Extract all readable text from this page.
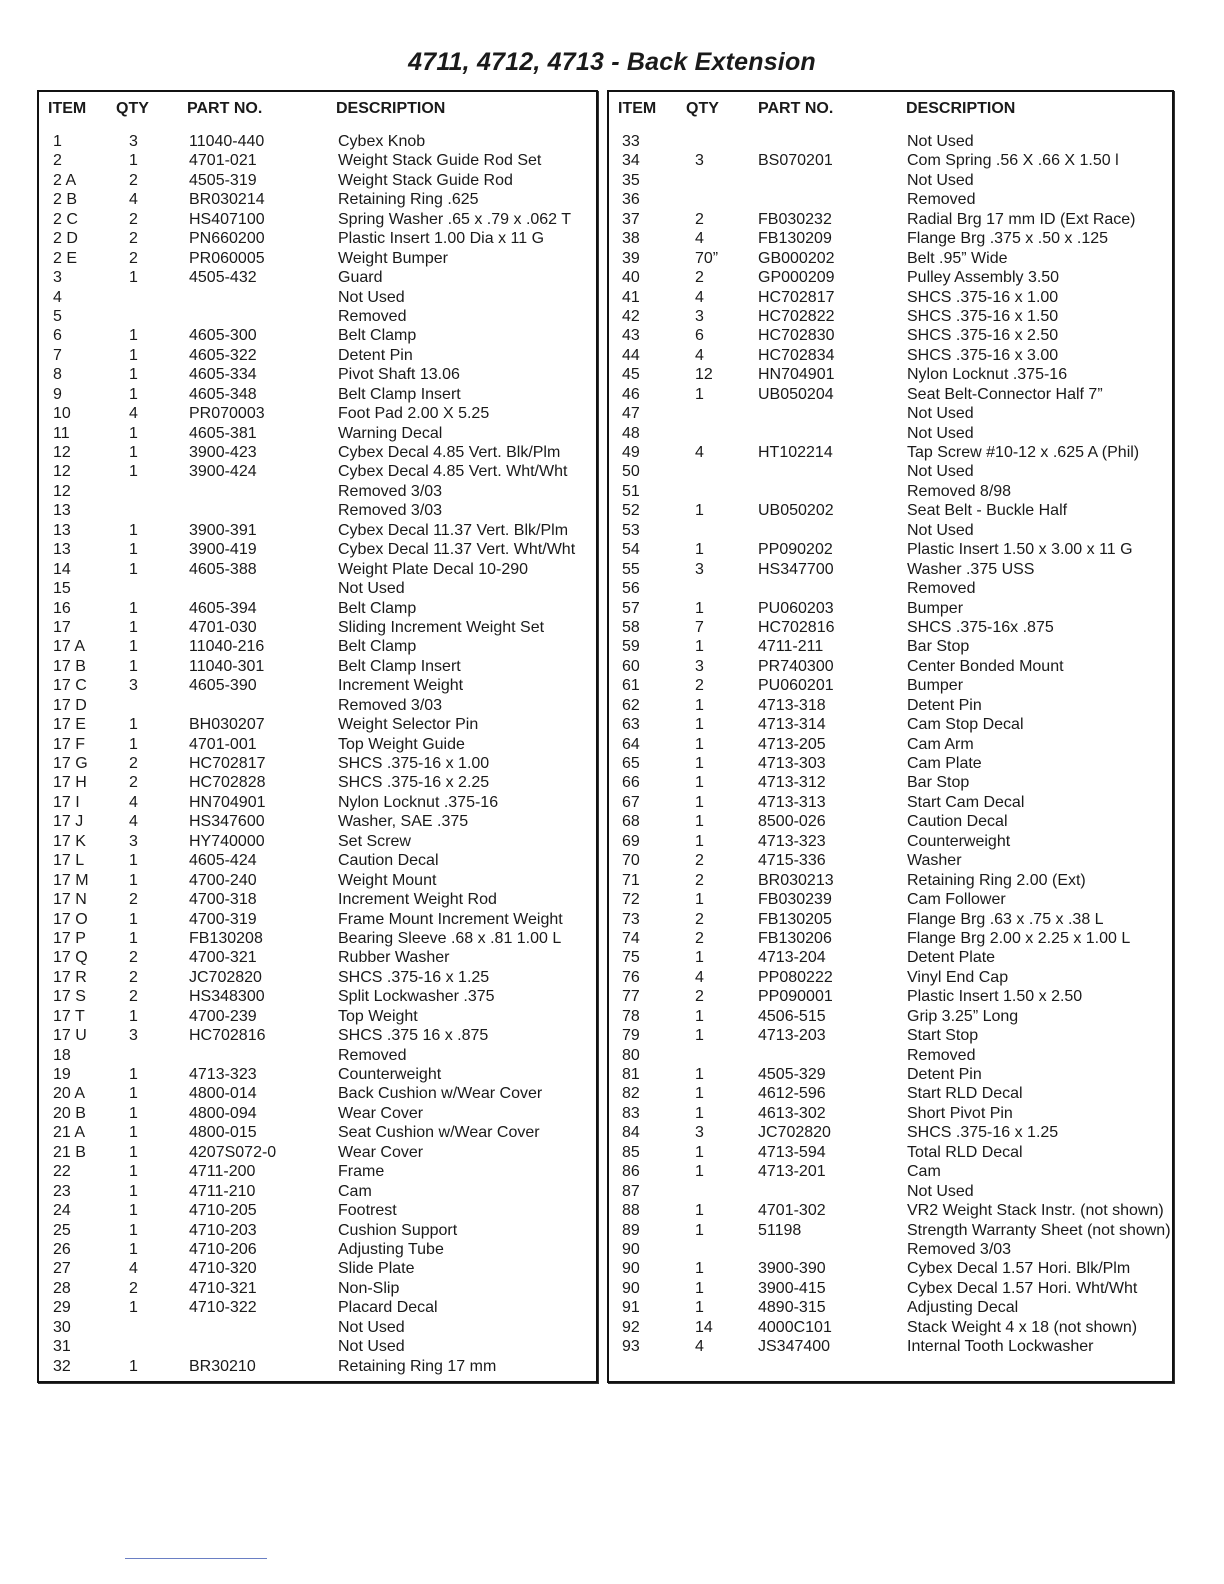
4711, 4712, 4713 - Back Extension
ITEM QTY PART NO.	DESCRIPTION
1	3	11040-440	Cybex Knob
2	1	4701-021	Weight Stack Guide Rod Set
2 A	2	4505-319	Weight Stack Guide Rod
2 B	4	BR030214	Retaining Ring .625
2 C	2	HS407100	Spring Washer .65 x .79 x .062 T
2 D	2	PN660200	Plastic Insert 1.00 Dia x 11 G
2 E	2	PR060005	Weight Bumper
3	1	4505-432	Guard
4	Not Used
5	Removed
6	1	4605-300	Belt Clamp
7	1	4605-322	Detent Pin
8	1	4605-334	Pivot Shaft 13.06
9	1	4605-348	Belt Clamp Insert
10	4	PR070003	Foot Pad 2.00 X 5.25
11	1	4605-381	Warning Decal
12	1	3900-423	Cybex Decal 4.85 Vert. Blk/Plm
12	1	3900-424	Cybex Decal 4.85 Vert. Wht/Wht
12	Removed 3/03
13	Removed 3/03
13	1	3900-391	Cybex Decal 11.37 Vert. Blk/Plm
13	1	3900-419	Cybex Decal 11.37 Vert. Wht/Wht
14	1	4605-388	Weight Plate Decal 10-290
15	Not Used
16	1	4605-394	Belt Clamp
17	1	4701-030	Sliding Increment Weight Set
17 A	1	11040-216	Belt Clamp
17 B	1	11040-301	Belt Clamp Insert
17 C	3	4605-390	Increment Weight
17 D	Removed 3/03
17 E	1	BH030207	Weight Selector Pin
17 F	1	4701-001	Top Weight Guide
17 G	2	HC702817	SHCS .375-16 x 1.00
17 H	2	HC702828	SHCS .375-16 x 2.25
17 I	4	HN704901	Nylon Locknut .375-16
17 J	4	HS347600	Washer, SAE .375
17 K	3	HY740000	Set Screw
17 L	1	4605-424	Caution Decal
17 M	1	4700-240	Weight Mount
17 N	2	4700-318	Increment Weight Rod
17 O	1	4700-319	Frame Mount Increment Weight
17 P	1	FB130208	Bearing Sleeve .68 x .81 1.00 L
17 Q	2	4700-321	Rubber Washer
17 R	2	JC702820	SHCS .375-16 x 1.25
17 S	2	HS348300	Split Lockwasher .375
17 T	1	4700-239	Top Weight
17 U	3	HC702816	SHCS .375 16 x .875
18	Removed
19	1	4713-323	Counterweight
20 A	1	4800-014	Back Cushion w/Wear Cover
20 B	1	4800-094	Wear Cover
21 A	1	4800-015	Seat Cushion w/Wear Cover
21 B	1	4207S072-0	Wear Cover
22	1	4711-200	Frame
23	1	4711-210	Cam
24	1	4710-205	Footrest
25	1	4710-203	Cushion Support
26	1	4710-206	Adjusting Tube
27	4	4710-320	Slide Plate
28	2	4710-321	Non-Slip
29	1	4710-322	Placard Decal
30	Not Used
31	Not Used
32	1	BR30210	Retaining Ring 17 mm
ITEM QTY PART NO.	DESCRIPTION
33	Not Used
34	3	BS070201	Com Spring .56 X .66 X 1.50 l
35	Not Used
36	Removed
37	2	FB030232	Radial Brg 17 mm ID (Ext Race)
38	4	FB130209	Flange Brg .375 x .50 x .125
39	70” GB000202	Belt .95” Wide
40	2	GP000209	Pulley Assembly 3.50
41	4	HC702817	SHCS .375-16 x 1.00
42	3	HC702822	SHCS .375-16 x 1.50
43	6	HC702830	SHCS .375-16 x 2.50
44	4	HC702834	SHCS .375-16 x 3.00
45	12	HN704901	Nylon Locknut .375-16
46	1	UB050204	Seat Belt-Connector Half 7”
47	Not Used
48	Not Used
49	4	HT102214	Tap Screw #10-12 x .625 A (Phil)
50	Not Used
51	Removed 8/98
52	1	UB050202	Seat Belt - Buckle Half
53	Not Used
54	1	PP090202	Plastic Insert 1.50 x 3.00 x 11 G
55	3	HS347700	Washer .375 USS
56	Removed
57	1	PU060203	Bumper
58	7	HC702816	SHCS .375-16x .875
59	1	4711-211	Bar Stop
60	3	PR740300	Center Bonded Mount
61	2	PU060201	Bumper
62	1	4713-318	Detent Pin
63	1	4713-314	Cam Stop Decal
64	1	4713-205	Cam Arm
65	1	4713-303	Cam Plate
66	1	4713-312	Bar Stop
67	1	4713-313	Start Cam Decal
68	1	8500-026	Caution Decal
69	1	4713-323	Counterweight
70	2	4715-336	Washer
71	2	BR030213	Retaining Ring 2.00 (Ext)
72	1	FB030239	Cam Follower
73	2	FB130205	Flange Brg .63 x .75 x .38 L
74	2	FB130206	Flange Brg 2.00 x 2.25 x 1.00 L
75	1	4713-204	Detent Plate
76	4	PP080222	Vinyl End Cap
77	2	PP090001	Plastic Insert 1.50 x 2.50
78	1	4506-515	Grip 3.25” Long
79	1	4713-203	Start Stop
80	Removed
81	1	4505-329	Detent Pin
82	1	4612-596	Start RLD Decal
83	1	4613-302	Short Pivot Pin
84	3	JC702820	SHCS .375-16 x 1.25
85	1	4713-594	Total RLD Decal
86	1	4713-201	Cam
87	Not Used
88	1	4701-302	VR2 Weight Stack Instr. (not shown)
89	1	51198	Strength Warranty Sheet (not shown)
90	Removed 3/03
90	1	3900-390	Cybex Decal 1.57 Hori. Blk/Plm
90	1	3900-415	Cybex Decal 1.57 Hori. Wht/Wht
91	1	4890-315	Adjusting Decal
92	14	4000C101	Stack Weight 4 x 18 (not shown)
93	4	JS347400	Internal Tooth Lockwasher
